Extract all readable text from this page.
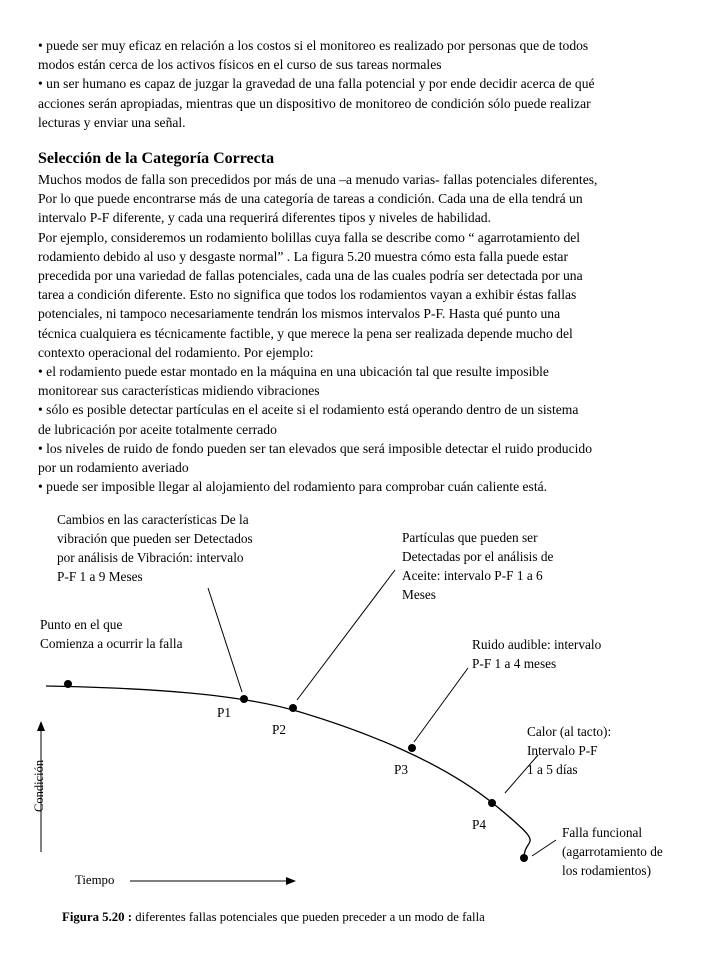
• puede ser muy eficaz en relación a los costos si el monitoreo es realizado por personas que de todos
modos están cerca de los activos físicos en el curso de sus tareas normales
• un ser humano es capaz de juzgar la gravedad de una falla potencial y por ende decidir acerca de qué
acciones serán apropiadas, mientras que un dispositivo de monitoreo de condición sólo puede realizar
lecturas y enviar una señal.
Selección de la Categoría Correcta
Muchos modos de falla son precedidos por más de una –a menudo varias- fallas potenciales diferentes,
Por lo que puede encontrarse más de una categoría de tareas a condición. Cada una de ella tendrá un
intervalo P-F diferente, y cada una requerirá diferentes tipos y niveles de habilidad.
Por ejemplo, consideremos un rodamiento bolillas cuya falla se describe como “ agarrotamiento del
rodamiento debido al uso y desgaste normal” . La figura 5.20 muestra cómo esta falla puede estar
precedida por una variedad de fallas potenciales, cada una de las cuales podría ser detectada por una
tarea a condición diferente. Esto no significa que todos los rodamientos vayan a exhibir éstas fallas
potenciales, ni tampoco necesariamente tendrán los mismos intervalos P-F. Hasta qué punto una
técnica cualquiera es técnicamente factible, y que merece la pena ser realizada depende mucho del
contexto operacional del rodamiento. Por ejemplo:
• el rodamiento puede estar montado en la máquina en una ubicación tal que resulte imposible
monitorear sus características midiendo vibraciones
• sólo es posible detectar partículas en el aceite si el rodamiento está operando dentro de un sistema
de lubricación por aceite totalmente cerrado
• los niveles de ruido de fondo pueden ser tan elevados que será imposible detectar el ruido producido
por un rodamiento averiado
• puede ser imposible llegar al alojamiento del rodamiento para comprobar cuán caliente está.
Cambios en las características De la
vibración que pueden ser Detectados
por análisis de Vibración: intervalo
P-F 1 a 9 Meses
Partículas que pueden ser
Detectadas por el análisis de
Aceite: intervalo P-F 1 a 6
Meses
Punto en el que
Comienza a ocurrir la falla	Ruido audible: intervalo
P-F 1 a 4 meses
Calor (al tacto):
Intervalo P-F
1 a 5 días
Falla funcional
(agarrotamiento de
los rodamientos)
P1
P2
P3
P4
Condición
Tiempo
Figura 5.20 : diferentes fallas potenciales que pueden preceder a un modo de falla
